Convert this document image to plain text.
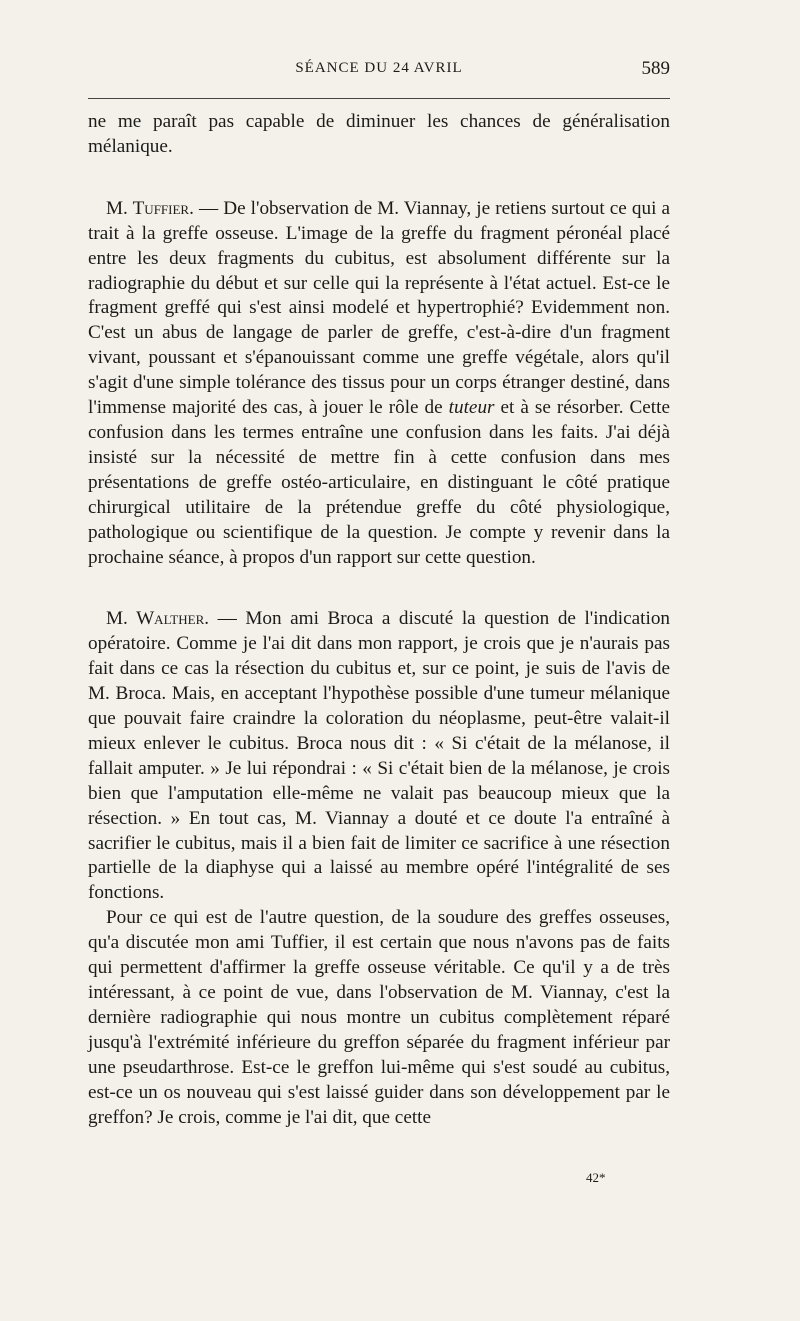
SÉANCE DU 24 AVRIL	589

ne me paraît pas capable de diminuer les chances de généralisation mélanique.

M. Tuffier. — De l'observation de M. Viannay, je retiens surtout ce qui a trait à la greffe osseuse. L'image de la greffe du fragment péronéal placé entre les deux fragments du cubitus, est absolument différente sur la radiographie du début et sur celle qui la représente à l'état actuel. Est-ce le fragment greffé qui s'est ainsi modelé et hypertrophié? Evidemment non. C'est un abus de langage de parler de greffe, c'est-à-dire d'un fragment vivant, poussant et s'épanouissant comme une greffe végétale, alors qu'il s'agit d'une simple tolérance des tissus pour un corps étranger destiné, dans l'immense majorité des cas, à jouer le rôle de tuteur et à se résorber. Cette confusion dans les termes entraîne une confusion dans les faits. J'ai déjà insisté sur la nécessité de mettre fin à cette confusion dans mes présentations de greffe ostéo-articulaire, en distinguant le côté pratique chirurgical utilitaire de la prétendue greffe du côté physiologique, pathologique ou scientifique de la question. Je compte y revenir dans la prochaine séance, à propos d'un rapport sur cette question.

M. Walther. — Mon ami Broca a discuté la question de l'indication opératoire. Comme je l'ai dit dans mon rapport, je crois que je n'aurais pas fait dans ce cas la résection du cubitus et, sur ce point, je suis de l'avis de M. Broca. Mais, en acceptant l'hypothèse possible d'une tumeur mélanique que pouvait faire craindre la coloration du néoplasme, peut-être valait-il mieux enlever le cubitus. Broca nous dit : « Si c'était de la mélanose, il fallait amputer. » Je lui répondrai : « Si c'était bien de la mélanose, je crois bien que l'amputation elle-même ne valait pas beaucoup mieux que la résection. » En tout cas, M. Viannay a douté et ce doute l'a entraîné à sacrifier le cubitus, mais il a bien fait de limiter ce sacrifice à une résection partielle de la diaphyse qui a laissé au membre opéré l'intégralité de ses fonctions.

Pour ce qui est de l'autre question, de la soudure des greffes osseuses, qu'a discutée mon ami Tuffier, il est certain que nous n'avons pas de faits qui permettent d'affirmer la greffe osseuse véritable. Ce qu'il y a de très intéressant, à ce point de vue, dans l'observation de M. Viannay, c'est la dernière radiographie qui nous montre un cubitus complètement réparé jusqu'à l'extrémité inférieure du greffon séparée du fragment inférieur par une pseudarthrose. Est-ce le greffon lui-même qui s'est soudé au cubitus, est-ce un os nouveau qui s'est laissé guider dans son développement par le greffon? Je crois, comme je l'ai dit, que cette

42*
